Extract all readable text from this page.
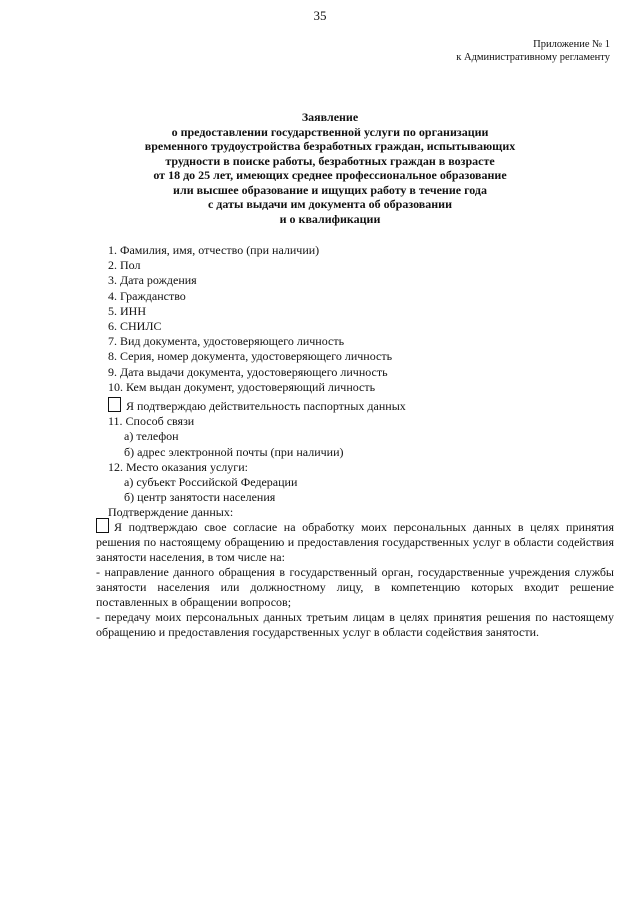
35
Приложение № 1
к Административному регламенту
Заявление
о предоставлении государственной услуги по организации
временного трудоустройства безработных граждан, испытывающих
трудности в поиске работы, безработных граждан в возрасте
от 18 до 25 лет, имеющих среднее профессиональное образование
или высшее образование и ищущих работу в течение года
с даты выдачи им документа об образовании
и о квалификации
1. Фамилия, имя, отчество (при наличии)
2. Пол
3. Дата рождения
4. Гражданство
5. ИНН
6. СНИЛС
7. Вид документа, удостоверяющего личность
8. Серия, номер документа, удостоверяющего личность
9. Дата выдачи документа, удостоверяющего личность
10. Кем выдан документ, удостоверяющий личность
Я подтверждаю действительность паспортных данных
11. Способ связи
а) телефон
б) адрес электронной почты (при наличии)
12. Место оказания услуги:
а) субъект Российской Федерации
б) центр занятости населения
Подтверждение данных:

Я подтверждаю свое согласие на обработку моих персональных данных в целях принятия решения по настоящему обращению и предоставления государственных услуг в области содействия занятости населения, в том числе на:

- направление данного обращения в государственный орган, государственные учреждения службы занятости населения или должностному лицу, в компетенцию которых входит решение поставленных в обращении вопросов;

- передачу моих персональных данных третьим лицам в целях принятия решения по настоящему обращению и предоставления государственных услуг в области содействия занятости.
